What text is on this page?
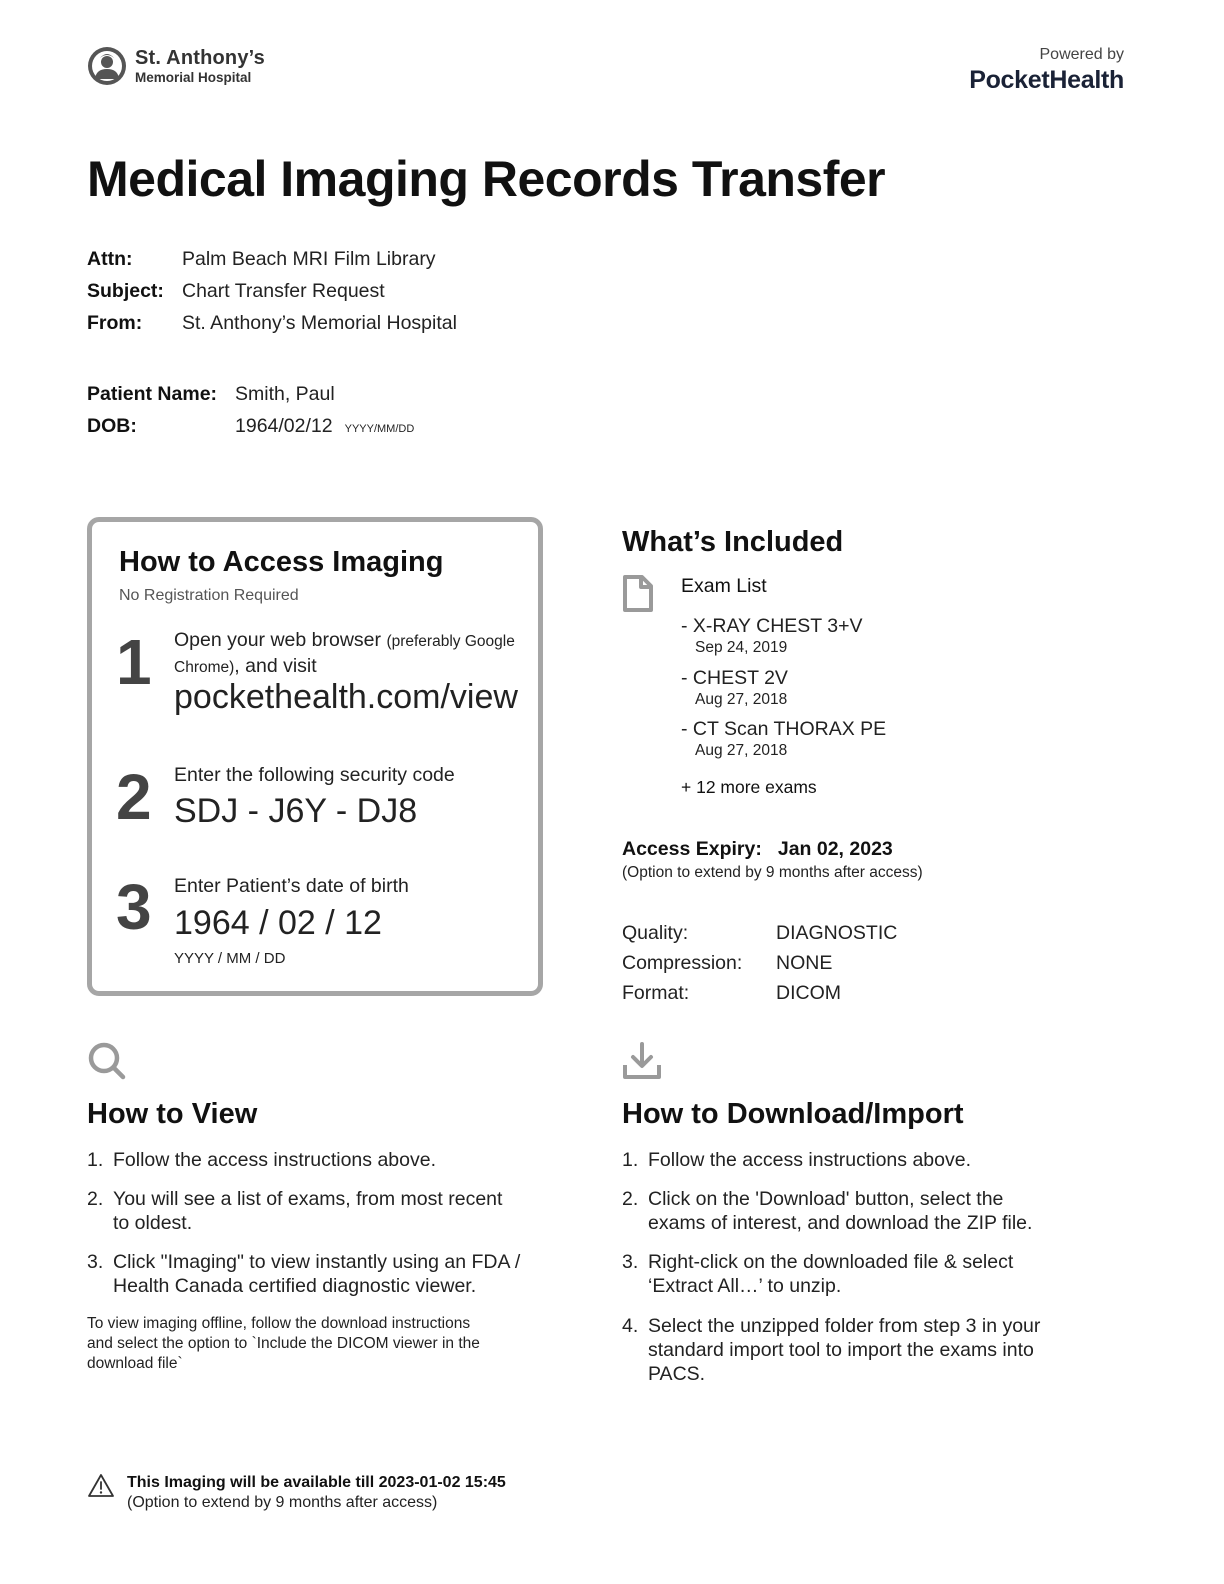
St. Anthony’s
Memorial Hospital
Powered by
PocketHealth
Medical Imaging Records Transfer
Attn:	Palm Beach MRI Film Library
Subject: Chart Transfer Request
From: St. Anthony’s Memorial Hospital
Patient Name: Smith, Paul
DOB:	1964/02/12 YYYY/MM/DD
How to Access Imaging
No Registration Required
1 Open your web browser (preferably Google Chrome), and visit
pockethealth.com/view
2 Enter the following security code
SDJ - J6Y - DJ8
3 Enter Patient’s date of birth
1964 / 02 / 12
YYYY / MM / DD
What’s Included
Exam List
- X-RAY CHEST 3+V
Sep 24, 2019
- CHEST 2V
Aug 27, 2018
- CT Scan THORAX PE
Aug 27, 2018
+ 12 more exams
Access Expiry: Jan 02, 2023
(Option to extend by 9 months after access)
Quality:	DIAGNOSTIC
Compression: NONE
Format:	DICOM
How to View
1. Follow the access instructions above.
2. You will see a list of exams, from most recent to oldest.
3. Click "Imaging" to view instantly using an FDA / Health Canada certified diagnostic viewer.
To view imaging offline, follow the download instructions and select the option to `Include the DICOM viewer in the download file`
How to Download/Import
1. Follow the access instructions above.
2. Click on the 'Download' button, select the exams of interest, and download the ZIP file.
3. Right-click on the downloaded file & select ‘Extract All…’ to unzip.
4. Select the unzipped folder from step 3 in your standard import tool to import the exams into PACS.
This Imaging will be available till 2023-01-02 15:45
(Option to extend by 9 months after access)
